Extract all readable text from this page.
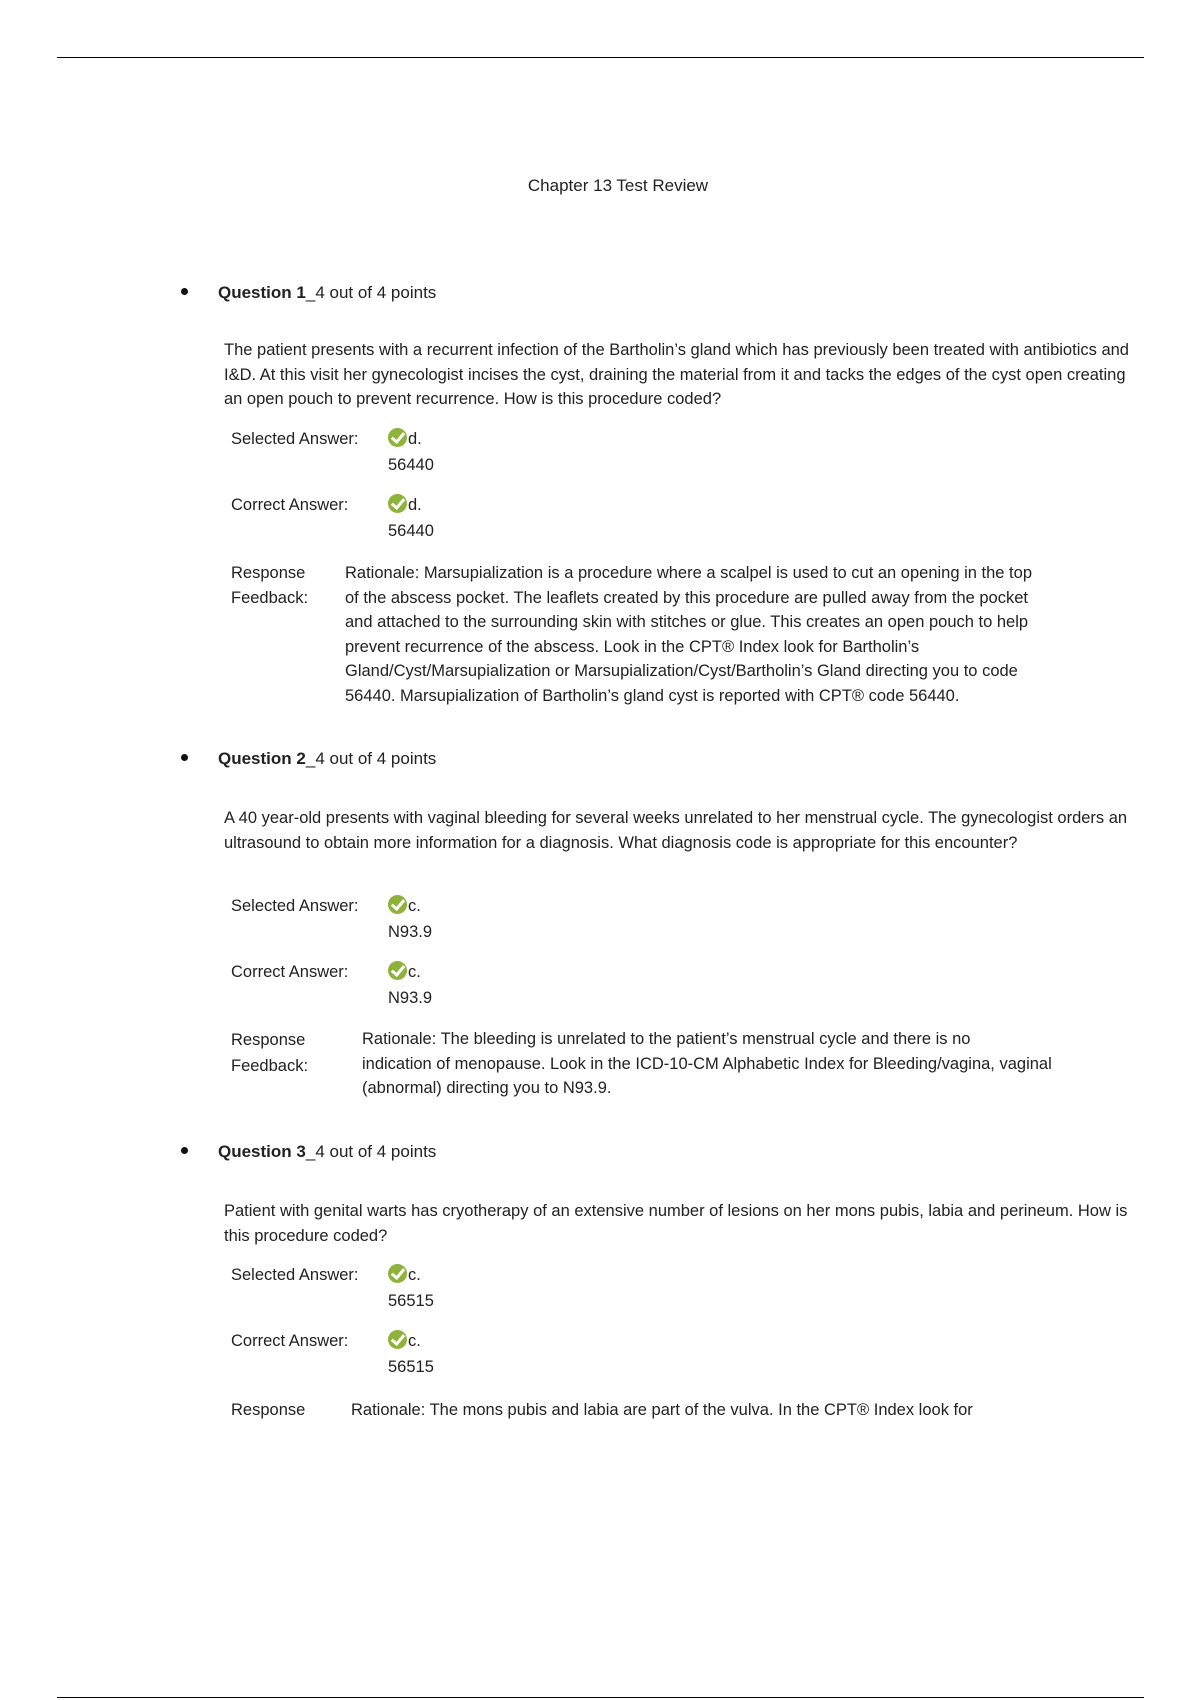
Chapter 13 Test Review
Question 1_4 out of 4 points
The patient presents with a recurrent infection of the Bartholin’s gland which has previously been treated with antibiotics and I&D. At this visit her gynecologist incises the cyst, draining the material from it and tacks the edges of the cyst open creating an open pouch to prevent recurrence. How is this procedure coded?
Selected Answer:	d.
56440
Correct Answer:	d.
56440
Response
Feedback:
Rationale: Marsupialization is a procedure where a scalpel is used to cut an opening in the top
of the abscess pocket. The leaflets created by this procedure are pulled away from the pocket
and attached to the surrounding skin with stitches or glue. This creates an open pouch to help
prevent recurrence of the abscess. Look in the CPT® Index look for Bartholin’s
Gland/Cyst/Marsupialization or Marsupialization/Cyst/Bartholin’s Gland directing you to code
56440. Marsupialization of Bartholin’s gland cyst is reported with CPT® code 56440.
Question 2_4 out of 4 points
A 40 year-old presents with vaginal bleeding for several weeks unrelated to her menstrual cycle. The gynecologist orders an ultrasound to obtain more information for a diagnosis. What diagnosis code is appropriate for this encounter?
Selected Answer:	c.
N93.9
Correct Answer:	c.
N93.9
Response
Feedback:
Rationale: The bleeding is unrelated to the patient’s menstrual cycle and there is no
indication of menopause. Look in the ICD-10-CM Alphabetic Index for Bleeding/vagina, vaginal
(abnormal) directing you to N93.9.
Question 3_4 out of 4 points
Patient with genital warts has cryotherapy of an extensive number of lesions on her mons pubis, labia and perineum. How is this procedure coded?
Selected Answer:	c.
56515
Correct Answer:	c.
56515
Response	Rationale: The mons pubis and labia are part of the vulva. In the CPT® Index look for
